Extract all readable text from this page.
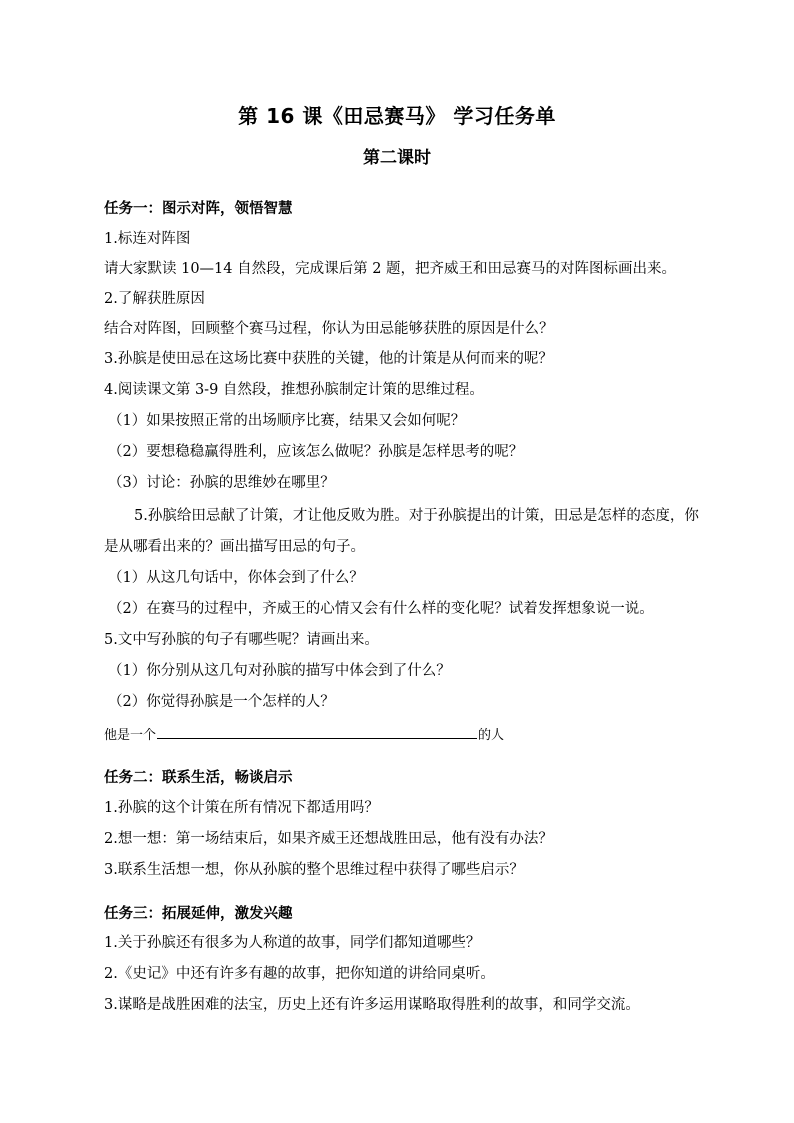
第 16 课《田忌赛马》 学习任务单
第二课时
任务一：图示对阵，领悟智慧
1.标连对阵图
请大家默读 10—14 自然段，完成课后第 2 题，把齐威王和田忌赛马的对阵图标画出来。
2.了解获胜原因
结合对阵图，回顾整个赛马过程，你认为田忌能够获胜的原因是什么？
3.孙膑是使田忌在这场比赛中获胜的关键，他的计策是从何而来的呢？
4.阅读课文第 3-9 自然段，推想孙膑制定计策的思维过程。
（1）如果按照正常的出场顺序比赛，结果又会如何呢？
（2）要想稳稳赢得胜利，应该怎么做呢？孙膑是怎样思考的呢？
（3）讨论：孙膑的思维妙在哪里？
5.孙膑给田忌献了计策，才让他反败为胜。对于孙膑提出的计策，田忌是怎样的态度，你
是从哪看出来的？画出描写田忌的句子。
（1）从这几句话中，你体会到了什么？
（2）在赛马的过程中，齐威王的心情又会有什么样的变化呢？试着发挥想象说一说。
5.文中写孙膑的句子有哪些呢？请画出来。
（1）你分别从这几句对孙膑的描写中体会到了什么？
（2）你觉得孙膑是一个怎样的人？
他是一个	的人
任务二：联系生活，畅谈启示
1.孙膑的这个计策在所有情况下都适用吗？
2.想一想：第一场结束后，如果齐威王还想战胜田忌，他有没有办法？
3.联系生活想一想，你从孙膑的整个思维过程中获得了哪些启示？
任务三：拓展延伸，激发兴趣
1.关于孙膑还有很多为人称道的故事，同学们都知道哪些？
2.《史记》中还有许多有趣的故事，把你知道的讲给同桌听。
3.谋略是战胜困难的法宝，历史上还有许多运用谋略取得胜利的故事，和同学交流。
